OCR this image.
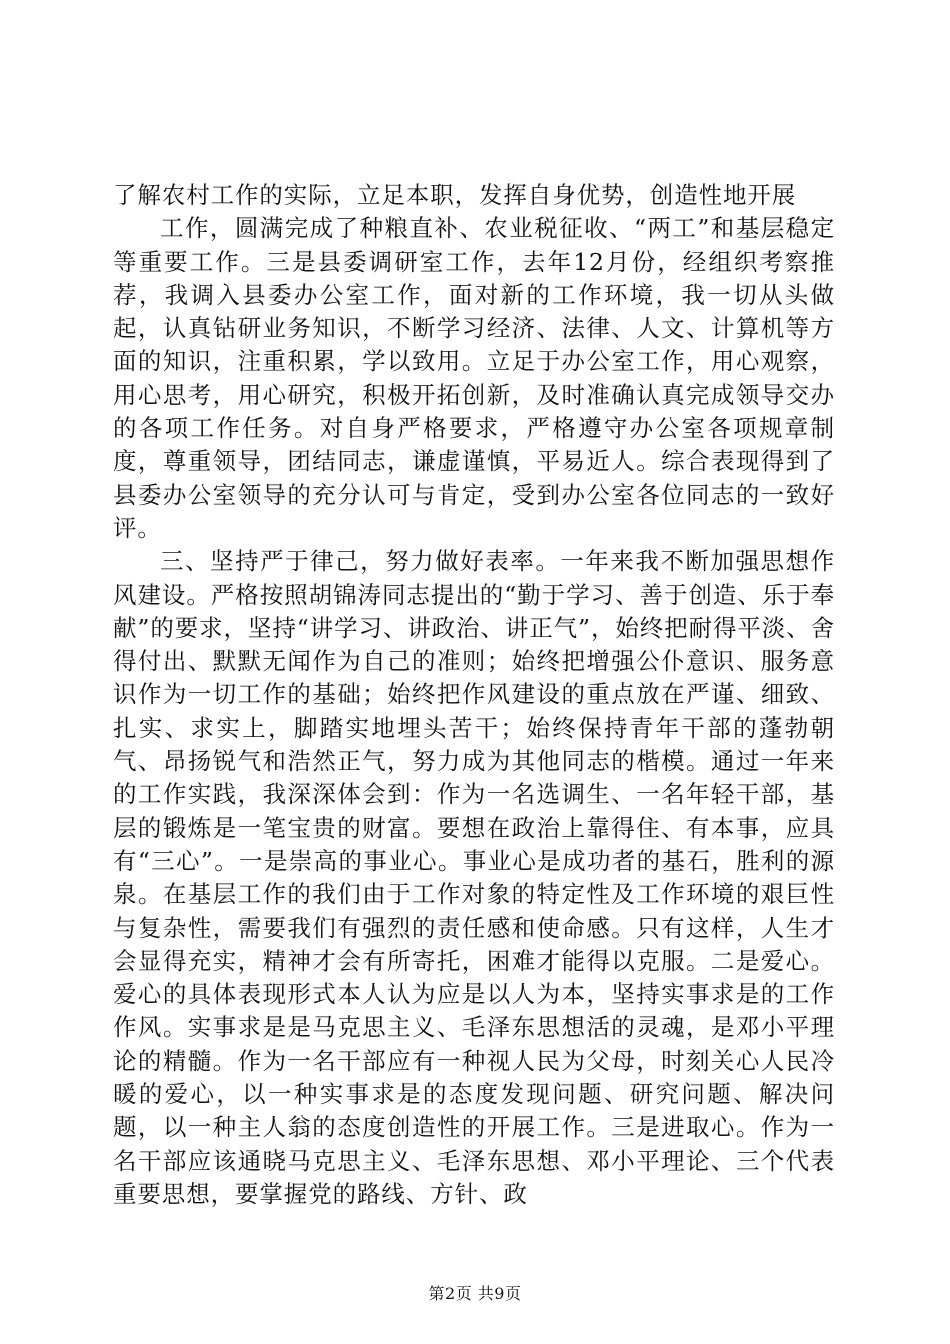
了解农村工作的实际，立足本职，发挥自身优势，创造性地开展

工作，圆满完成了种粮直补、农业税征收、“两工”和基层稳定等重要工作。三是县委调研室工作，去年12月份，经组织考察推荐，我调入县委办公室工作，面对新的工作环境，我一切从头做起，认真钻研业务知识，不断学习经济、法律、人文、计算机等方面的知识，注重积累，学以致用。立足于办公室工作，用心观察，用心思考，用心研究，积极开拓创新，及时准确认真完成领导交办的各项工作任务。对自身严格要求，严格遵守办公室各项规章制度，尊重领导，团结同志，谦虚谨慎，平易近人。综合表现得到了县委办公室领导的充分认可与肯定，受到办公室各位同志的一致好评。

三、坚持严于律己，努力做好表率。一年来我不断加强思想作风建设。严格按照胡锦涛同志提出的“勤于学习、善于创造、乐于奉献”的要求，坚持“讲学习、讲政治、讲正气”，始终把耐得平淡、舍得付出、默默无闻作为自己的准则；始终把增强公仆意识、服务意识作为一切工作的基础；始终把作风建设的重点放在严谨、细致、扎实、求实上，脚踏实地埋头苦干；始终保持青年干部的蓬勃朝气、昂扬锐气和浩然正气，努力成为其他同志的楷模。通过一年来的工作实践，我深深体会到：作为一名选调生、一名年轻干部，基层的锻炼是一笔宝贵的财富。要想在政治上靠得住、有本事，应具有“三心”。一是崇高的事业心。事业心是成功者的基石，胜利的源泉。在基层工作的我们由于工作对象的特定性及工作环境的艰巨性与复杂性，需要我们有强烈的责任感和使命感。只有这样，人生才会显得充实，精神才会有所寄托，困难才能得以克服。二是爱心。爱心的具体表现形式本人认为应是以人为本，坚持实事求是的工作作风。实事求是是马克思主义、毛泽东思想活的灵魂，是邓小平理论的精髓。作为一名干部应有一种视人民为父母，时刻关心人民冷暖的爱心，以一种实事求是的态度发现问题、研究问题、解决问题，以一种主人翁的态度创造性的开展工作。三是进取心。作为一名干部应该通晓马克思主义、毛泽东思想、邓小平理论、三个代表重要思想，要掌握党的路线、方针、政

第2页 共9页
